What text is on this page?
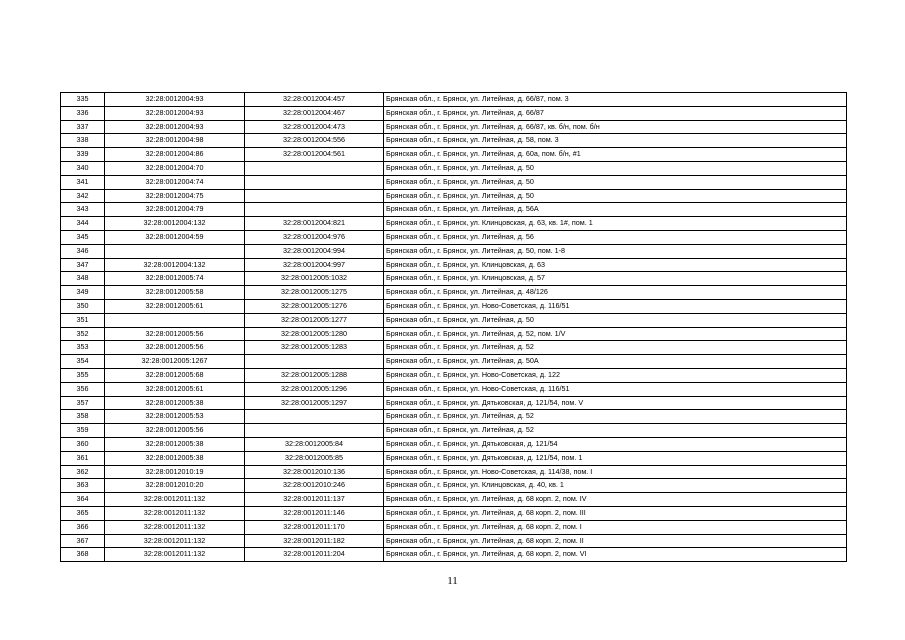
335	32:28:0012004:93	32:28:0012004:457	Брянская обл., г. Брянск, ул. Литейная, д. 66/87, пом. 3
336	32:28:0012004:93	32:28:0012004:467	Брянская обл., г. Брянск, ул. Литейная, д. 66/87
337	32:28:0012004:93	32:28:0012004:473	Брянская обл., г. Брянск, ул. Литейная, д. 66/87, кв. б/н, пом. б/н
338	32:28:0012004:98	32:28:0012004:556	Брянская обл., г. Брянск, ул. Литейная, д. 58, пом. 3
339	32:28:0012004:86	32:28:0012004:561	Брянская обл., г. Брянск, ул. Литейная, д. 60а, пом. б/н, #1
340	32:28:0012004:70		Брянская обл., г. Брянск, ул. Литейная, д. 50
341	32:28:0012004:74		Брянская обл., г. Брянск, ул. Литейная, д. 50
342	32:28:0012004:75		Брянская обл., г. Брянск, ул. Литейная, д. 50
343	32:28:0012004:79		Брянская обл., г. Брянск, ул. Литейная, д. 56А
344	32:28:0012004:132	32:28:0012004:821	Брянская обл., г. Брянск, ул. Клинцовская, д. 63, кв. 1#, пом. 1
345	32:28:0012004:59	32:28:0012004:976	Брянская обл., г. Брянск, ул. Литейная, д. 56
346		32:28:0012004:994	Брянская обл., г. Брянск, ул. Литейная, д. 50, пом. 1-8
347	32:28:0012004:132	32:28:0012004:997	Брянская обл., г. Брянск, ул. Клинцовская, д. 63
348	32:28:0012005:74	32:28:0012005:1032	Брянская обл., г. Брянск, ул. Клинцовская, д. 57
349	32:28:0012005:58	32:28:0012005:1275	Брянская обл., г. Брянск, ул. Литейная, д. 48/126
350	32:28:0012005:61	32:28:0012005:1276	Брянская обл., г. Брянск, ул. Ново-Советская, д. 116/51
351		32:28:0012005:1277	Брянская обл., г. Брянск, ул. Литейная, д. 50
352	32:28:0012005:56	32:28:0012005:1280	Брянская обл., г. Брянск, ул. Литейная, д. 52, пом. 1/V
353	32:28:0012005:56	32:28:0012005:1283	Брянская обл., г. Брянск, ул. Литейная, д. 52
354	32:28:0012005:1267		Брянская обл., г. Брянск, ул. Литейная, д. 50А
355	32:28:0012005:68	32:28:0012005:1288	Брянская обл., г. Брянск, ул. Ново-Советская, д. 122
356	32:28:0012005:61	32:28:0012005:1296	Брянская обл., г. Брянск, ул. Ново-Советская, д. 116/51
357	32:28:0012005:38	32:28:0012005:1297	Брянская обл., г. Брянск, ул. Дятьковская, д. 121/54, пом. V
358	32:28:0012005:53		Брянская обл., г. Брянск, ул. Литейная, д. 52
359	32:28:0012005:56		Брянская обл., г. Брянск, ул. Литейная, д. 52
360	32:28:0012005:38	32:28:0012005:84	Брянская обл., г. Брянск, ул. Дятьковская, д. 121/54
361	32:28:0012005:38	32:28:0012005:85	Брянская обл., г. Брянск, ул. Дятьковская, д. 121/54, пом. 1
362	32:28:0012010:19	32:28:0012010:136	Брянская обл., г. Брянск, ул. Ново-Советская, д. 114/38, пом. I
363	32:28:0012010:20	32:28:0012010:246	Брянская обл., г. Брянск, ул. Клинцовская, д. 40, кв. 1
364	32:28:0012011:132	32:28:0012011:137	Брянская обл., г. Брянск, ул. Литейная, д. 68 корп. 2, пом. IV
365	32:28:0012011:132	32:28:0012011:146	Брянская обл., г. Брянск, ул. Литейная, д. 68 корп. 2, пом. III
366	32:28:0012011:132	32:28:0012011:170	Брянская обл., г. Брянск, ул. Литейная, д. 68 корп. 2, пом. I
367	32:28:0012011:132	32:28:0012011:182	Брянская обл., г. Брянск, ул. Литейная, д. 68 корп. 2, пом. II
368	32:28:0012011:132	32:28:0012011:204	Брянская обл., г. Брянск, ул. Литейная, д. 68 корп. 2, пом. VI
11
